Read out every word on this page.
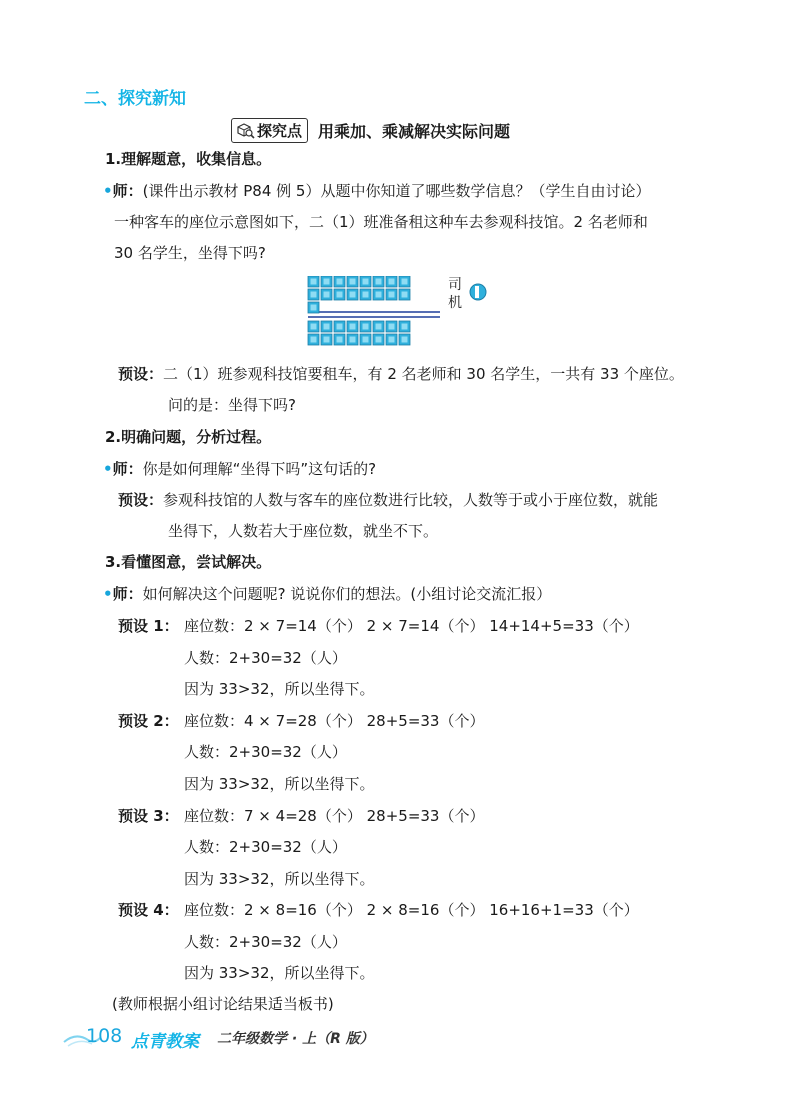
二、探究新知
探究点 用乘加、乘减解决实际问题
1.理解题意，收集信息。
•师：(课件出示教材 P84 例 5）从题中你知道了哪些数学信息？（学生自由讨论）
一种客车的座位示意图如下，二（1）班准备租这种车去参观科技馆。2 名老师和
30 名学生，坐得下吗?
司
机
预设：二（1）班参观科技馆要租车，有 2 名老师和 30 名学生，一共有 33 个座位。
问的是：坐得下吗?
2.明确问题，分析过程。
•师：你是如何理解“坐得下吗”这句话的?
预设：参观科技馆的人数与客车的座位数进行比较，人数等于或小于座位数，就能
坐得下，人数若大于座位数，就坐不下。
3.看懂图意，尝试解决。
•师：如何解决这个问题呢? 说说你们的想法。(小组讨论交流汇报）
预设 1： 座位数：2 × 7=14（个） 2 × 7=14（个） 14+14+5=33（个）
人数：2+30=32（人）
因为 33>32，所以坐得下。
预设 2： 座位数：4 × 7=28（个） 28+5=33（个）
人数：2+30=32（人）
因为 33>32，所以坐得下。
预设 3： 座位数：7 × 4=28（个） 28+5=33（个）
人数：2+30=32（人）
因为 33>32，所以坐得下。
预设 4： 座位数：2 × 8=16（个） 2 × 8=16（个） 16+16+1=33（个）
人数：2+30=32（人）
因为 33>32，所以坐得下。
(教师根据小组讨论结果适当板书)
108 点青教案 二年级数学 · 上（R 版）
